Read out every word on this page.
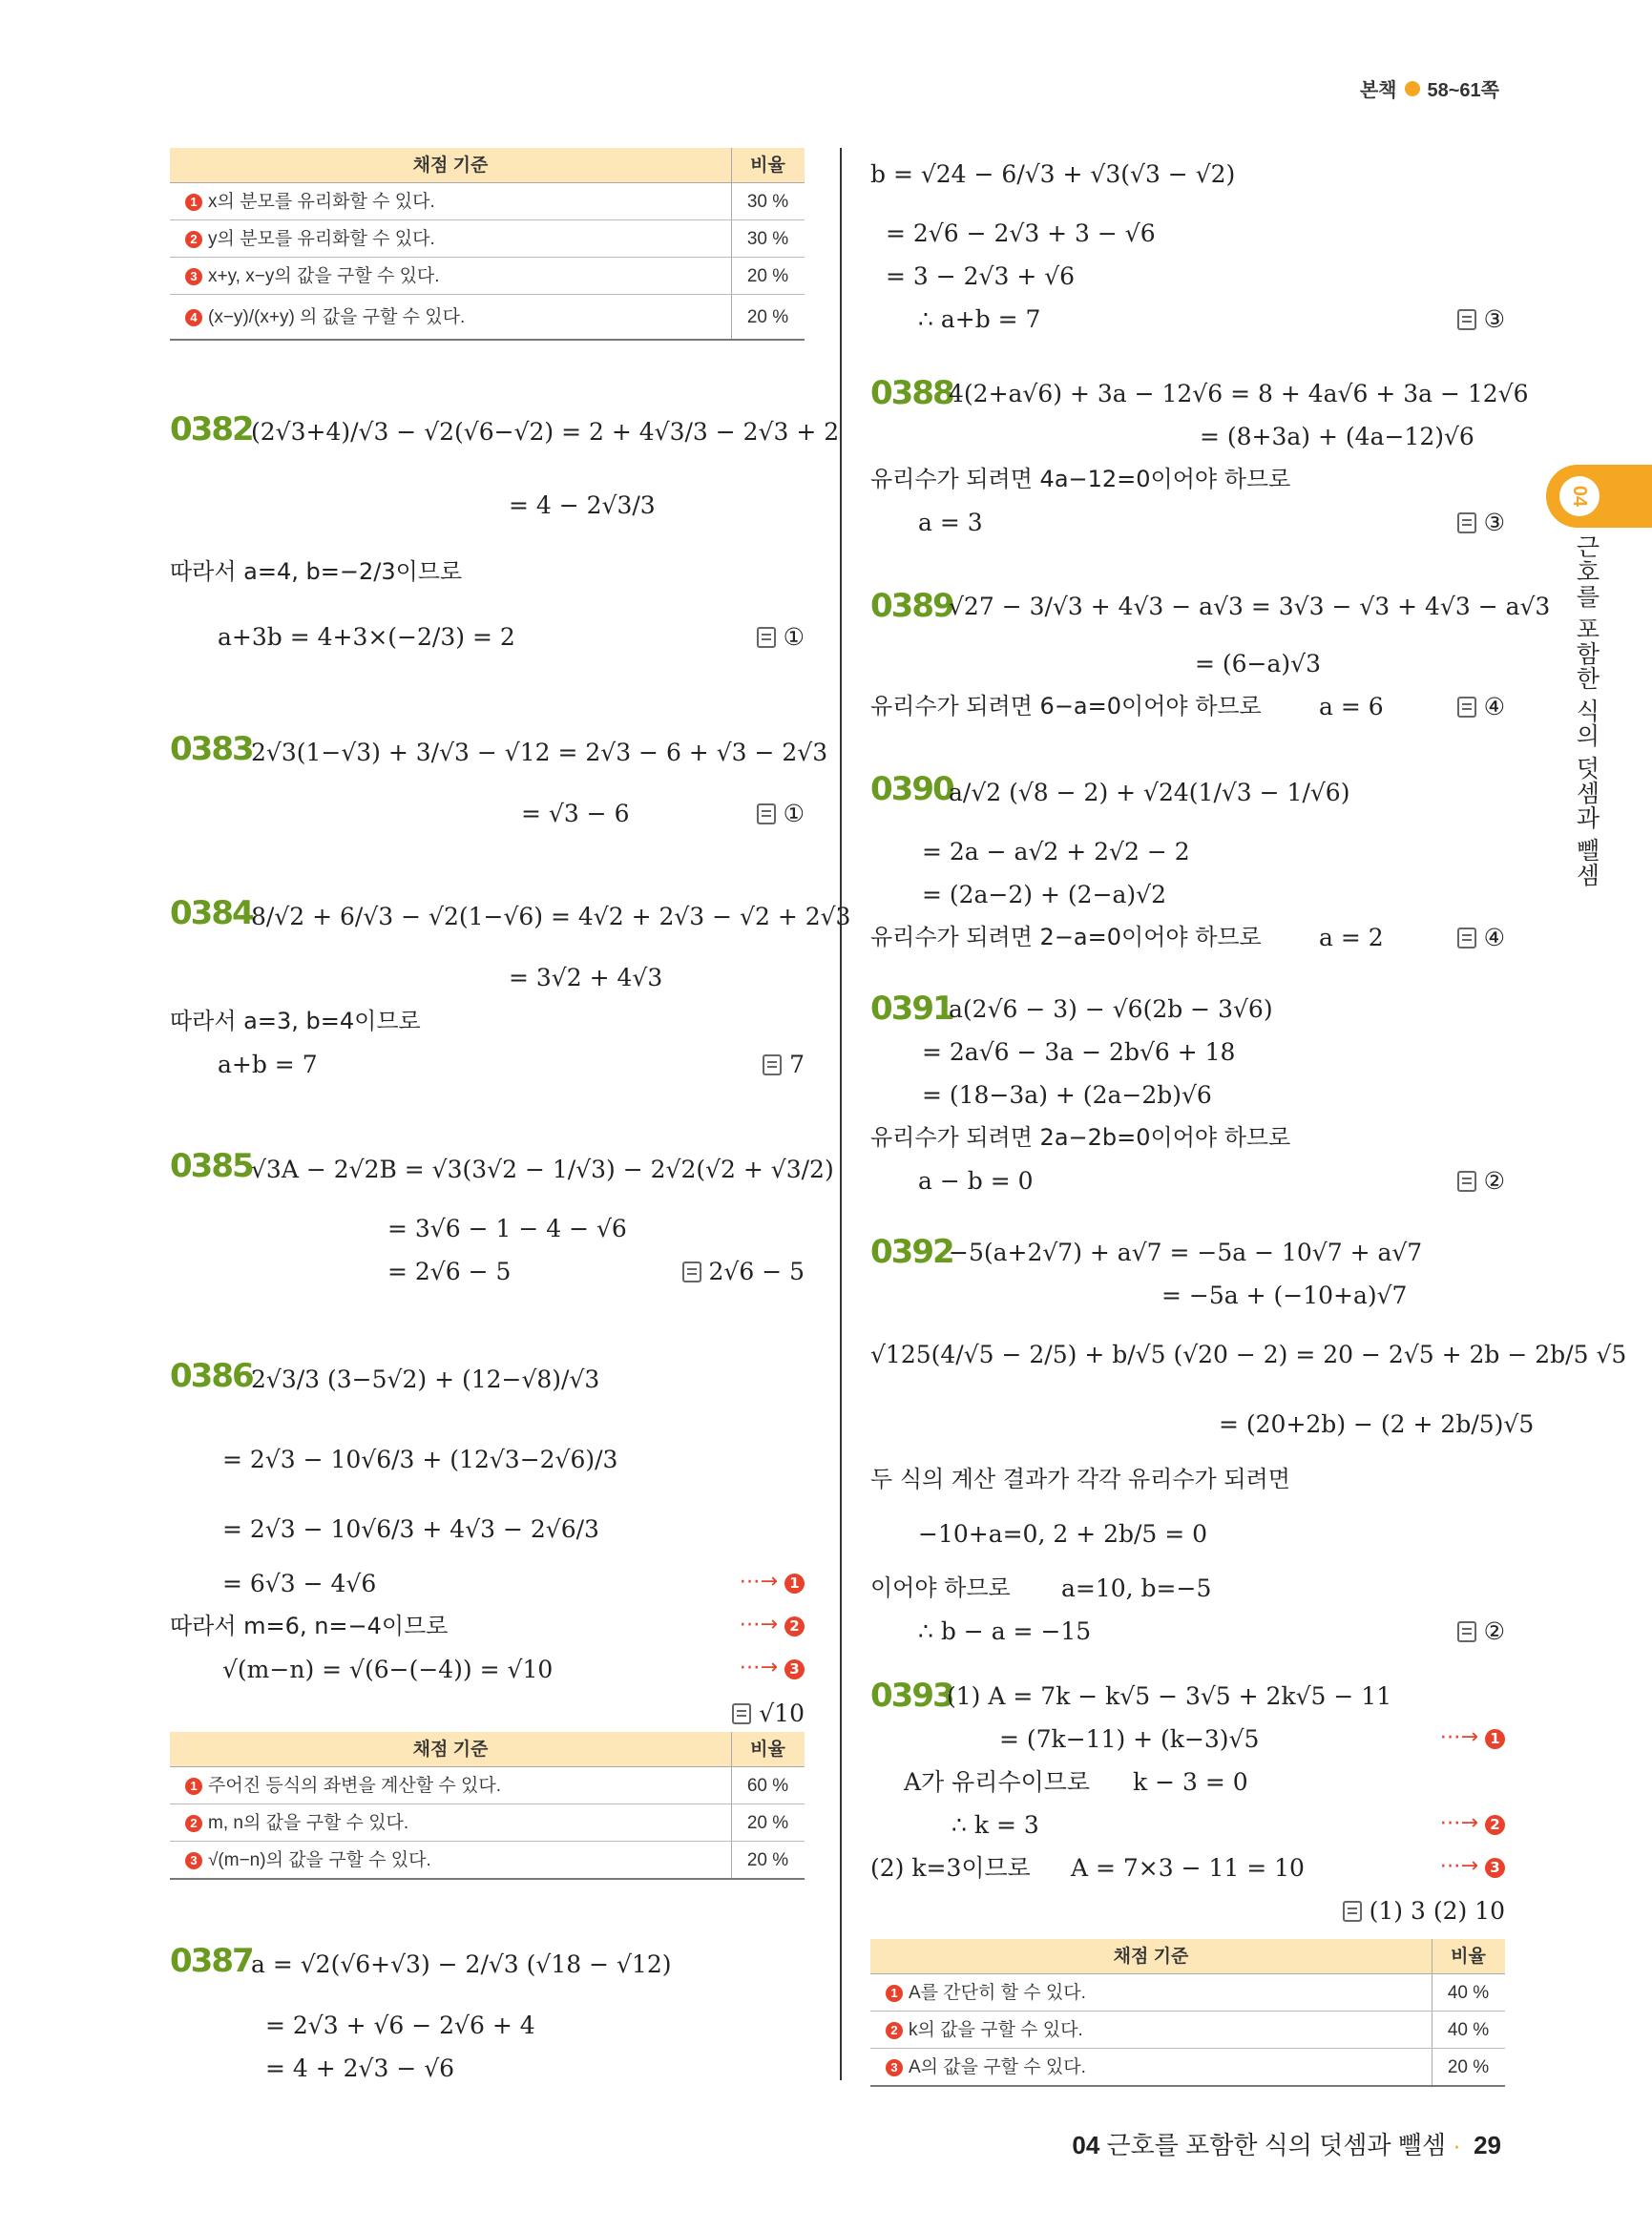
본책 58~61쪽
04
근호를 포함한 식의 덧셈과 뺄셈
채점 기준	비율
1 x의 분모를 유리화할 수 있다.	30 %
2 y의 분모를 유리화할 수 있다.	30 %
3 x+y, x−y의 값을 구할 수 있다.	20 %
4 (x−y)/(x+y) 의 값을 구할 수 있다.	20 %
0382
(2√3+4)/√3 − √2(√6−√2) = 2 + 4√3/3 − 2√3 + 2
= 4 − 2√3/3
따라서 a=4, b=−2/3이므로
a+3b = 4+3×(−2/3) = 2	①
0383
2√3(1−√3) + 3/√3 − √12 = 2√3 − 6 + √3 − 2√3
= √3 − 6	①
0384
8/√2 + 6/√3 − √2(1−√6) = 4√2 + 2√3 − √2 + 2√3
= 3√2 + 4√3
따라서 a=3, b=4이므로
a+b = 7	7
0385
√3A − 2√2B = √3(3√2 − 1/√3) − 2√2(√2 + √3/2)
= 3√6 − 1 − 4 − √6
= 2√6 − 5	2√6 − 5
0386
2√3/3 (3−5√2) + (12−√8)/√3
= 2√3 − 10√6/3 + (12√3−2√6)/3
= 2√3 − 10√6/3 + 4√3 − 2√6/3
= 6√3 − 4√6	⋯→ 1
따라서 m=6, n=−4이므로	⋯→ 2
√(m−n) = √(6−(−4)) = √10	⋯→ 3
√10
채점 기준	비율
1 주어진 등식의 좌변을 계산할 수 있다.	60 %
2 m, n의 값을 구할 수 있다.	20 %
3 √(m−n)의 값을 구할 수 있다.	20 %
0387
a = √2(√6+√3) − 2/√3 (√18 − √12)
= 2√3 + √6 − 2√6 + 4
= 4 + 2√3 − √6
b = √24 − 6/√3 + √3(√3 − √2)
= 2√6 − 2√3 + 3 − √6
= 3 − 2√3 + √6
∴ a+b = 7	③
0388
4(2+a√6) + 3a − 12√6 = 8 + 4a√6 + 3a − 12√6
= (8+3a) + (4a−12)√6
유리수가 되려면 4a−12=0이어야 하므로
a = 3	③
0389
√27 − 3/√3 + 4√3 − a√3 = 3√3 − √3 + 4√3 − a√3
= (6−a)√3
유리수가 되려면 6−a=0이어야 하므로 a = 6	④
0390
a/√2 (√8 − 2) + √24(1/√3 − 1/√6)
= 2a − a√2 + 2√2 − 2
= (2a−2) + (2−a)√2
유리수가 되려면 2−a=0이어야 하므로 a = 2	④
0391
a(2√6 − 3) − √6(2b − 3√6)
= 2a√6 − 3a − 2b√6 + 18
= (18−3a) + (2a−2b)√6
유리수가 되려면 2a−2b=0이어야 하므로
a − b = 0	②
0392
−5(a+2√7) + a√7 = −5a − 10√7 + a√7
= −5a + (−10+a)√7
√125(4/√5 − 2/5) + b/√5 (√20 − 2) = 20 − 2√5 + 2b − 2b/5 √5
= (20+2b) − (2 + 2b/5)√5
두 식의 계산 결과가 각각 유리수가 되려면
−10+a=0, 2 + 2b/5 = 0
이어야 하므로 a=10, b=−5
∴ b − a = −15	②
0393
(1) A = 7k − k√5 − 3√5 + 2k√5 − 11
= (7k−11) + (k−3)√5	⋯→ 1
A가 유리수이므로 k − 3 = 0
∴ k = 3	⋯→ 2
(2) k=3이므로 A = 7×3 − 11 = 10	⋯→ 3
(1) 3 (2) 10
채점 기준	비율
1 A를 간단히 할 수 있다.	40 %
2 k의 값을 구할 수 있다.	40 %
3 A의 값을 구할 수 있다.	20 %
04 근호를 포함한 식의 덧셈과 뺄셈 · 29
